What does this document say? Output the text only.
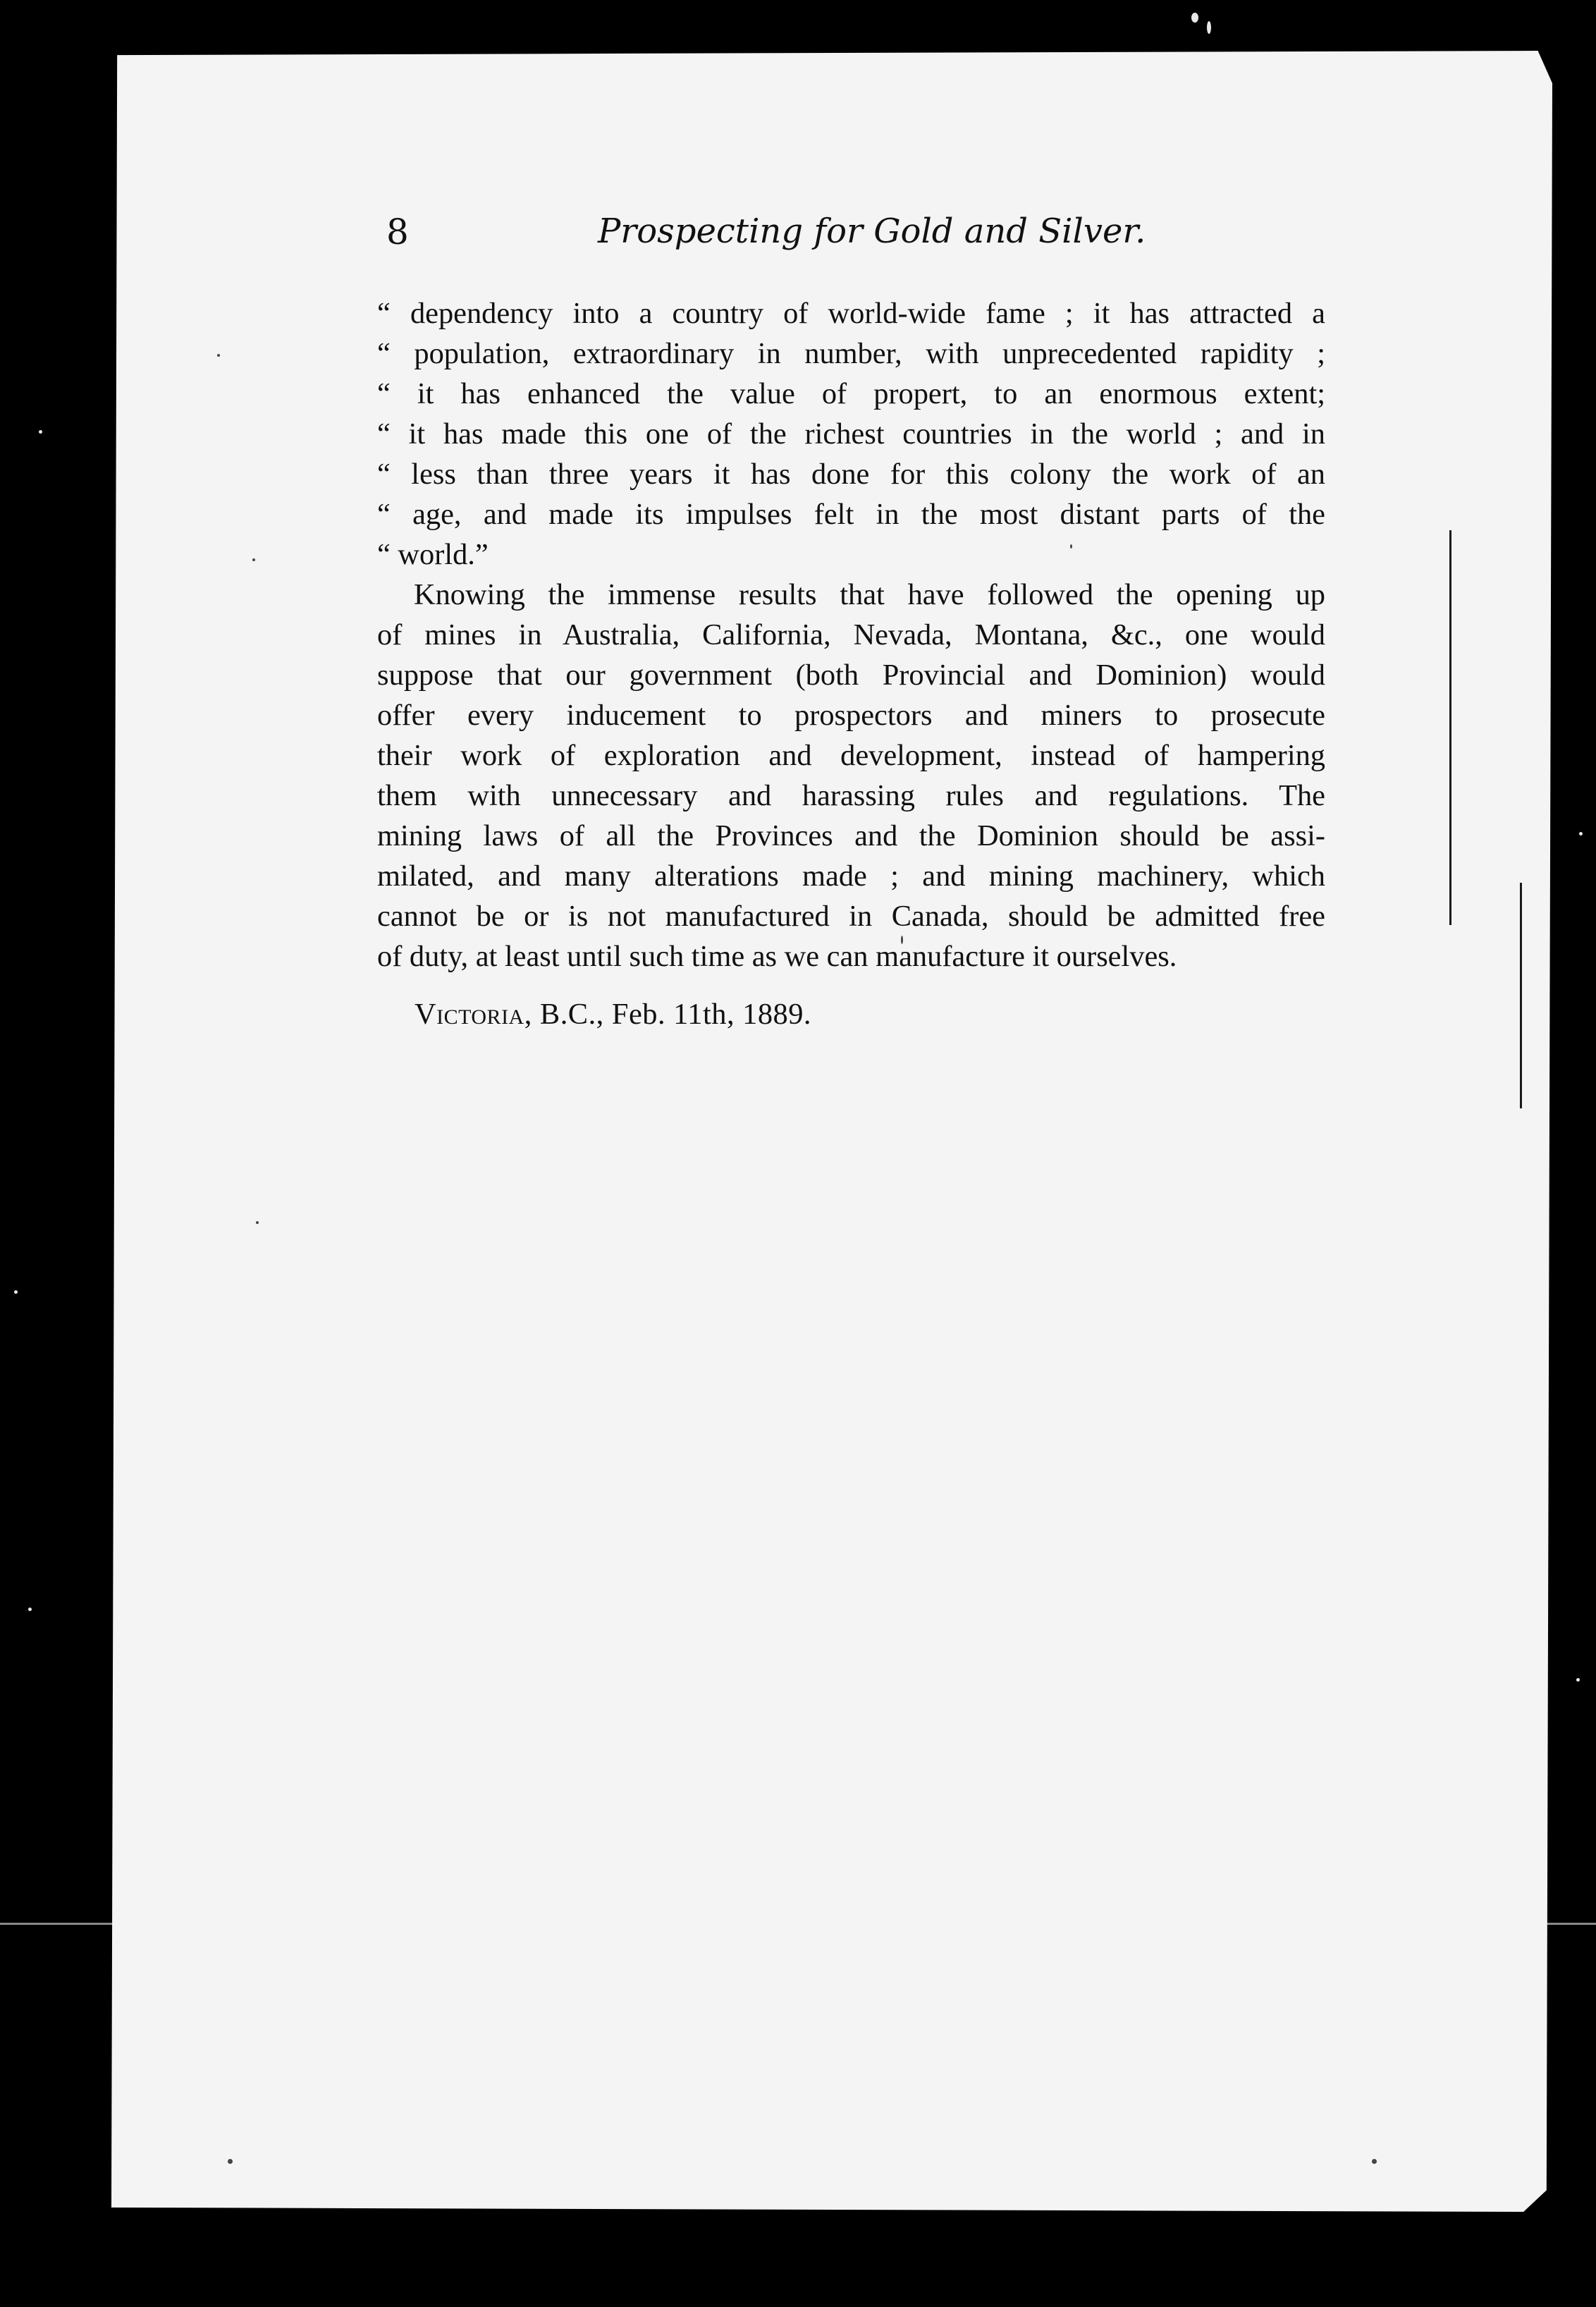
8	Prospecting for Gold and Silver.
“ dependency into a country of world-wide fame ; it has attracted a
“ population, extraordinary in number, with unprecedented rapidity ;
“ it has enhanced the value of propert, to an enormous extent;
“ it has made this one of the richest countries in the world ; and in
“ less than three years it has done for this colony the work of an
“ age, and made its impulses felt in the most distant parts of the
“ world.”
Knowing the immense results that have followed the opening up
of mines in Australia, California, Nevada, Montana, &c., one would
suppose that our government (both Provincial and Dominion) would
offer every inducement to prospectors and miners to prosecute
their work of exploration and development, instead of hampering
them with unnecessary and harassing rules and regulations. The
mining laws of all the Provinces and the Dominion should be assi-
milated, and many alterations made ; and mining machinery, which
cannot be or is not manufactured in Canada, should be admitted free
of duty, at least until such time as we can manufacture it ourselves.
Victoria, B.C., Feb. 11th, 1889.
